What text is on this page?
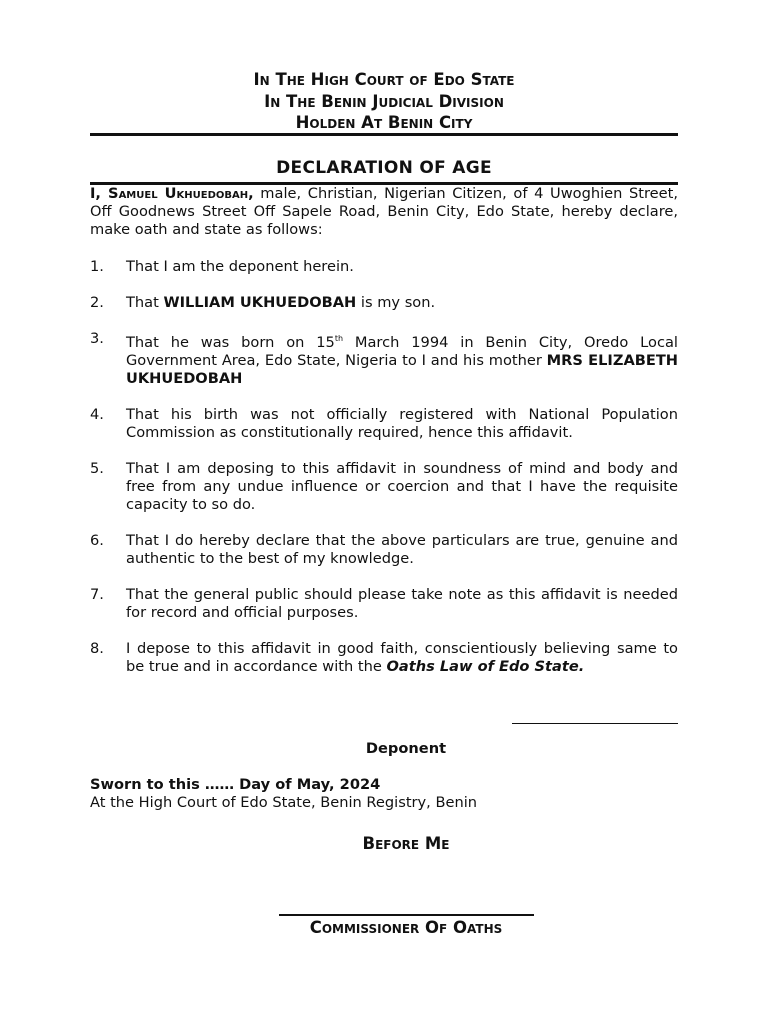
In The High Court of Edo State
In The Benin Judicial Division
Holden At Benin City
DECLARATION OF AGE
I, Samuel Ukhuedobah, male, Christian, Nigerian Citizen, of 4 Uwoghien Street, Off Goodnews Street Off Sapele Road, Benin City, Edo State, hereby declare, make oath and state as follows:
1. That I am the deponent herein.
2. That WILLIAM UKHUEDOBAH is my son.
3. That he was born on 15th March 1994 in Benin City, Oredo Local Government Area, Edo State, Nigeria to I and his mother MRS ELIZABETH UKHUEDOBAH
4. That his birth was not officially registered with National Population Commission as constitutionally required, hence this affidavit.
5. That I am deposing to this affidavit in soundness of mind and body and free from any undue influence or coercion and that I have the requisite capacity to so do.
6. That I do hereby declare that the above particulars are true, genuine and authentic to the best of my knowledge.
7. That the general public should please take note as this affidavit is needed for record and official purposes.
8. I depose to this affidavit in good faith, conscientiously believing same to be true and in accordance with the Oaths Law of Edo State.
Deponent
Sworn to this …… Day of May, 2024
At the High Court of Edo State, Benin Registry, Benin
Before Me
Commissioner Of Oaths
